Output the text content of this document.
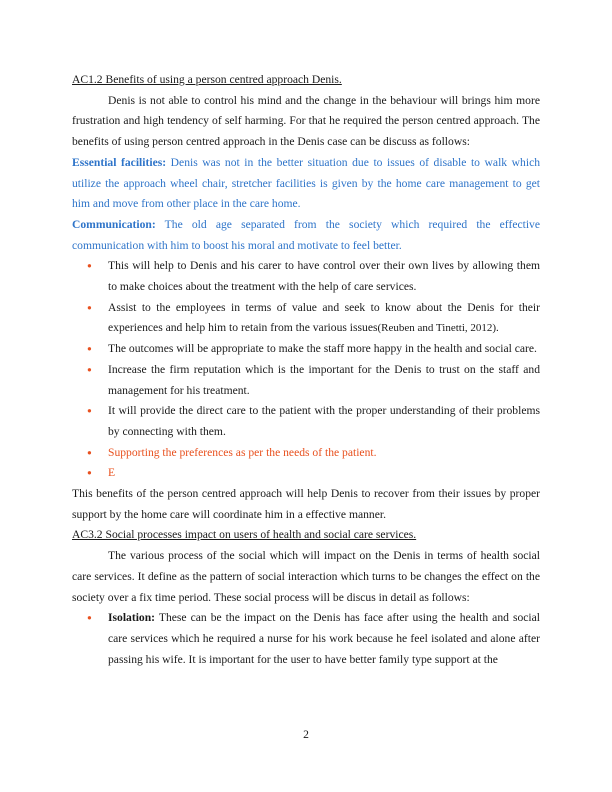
AC1.2 Benefits of using a person centred approach Denis.

Denis is not able to control his mind and the change in the behaviour will brings him more frustration and high tendency of self harming. For that he required the person centred approach. The benefits of using person centred approach in the Denis case can be discuss as follows:

Essential facilities: Denis was not in the better situation due to issues of disable to walk which utilize the approach wheel chair, stretcher facilities is given by the home care management to get him and move from other place in the care home.

Communication: The old age separated from the society which required the effective communication with him to boost his moral and motivate to feel better.

• This will help to Denis and his carer to have control over their own lives by allowing them to make choices about the treatment with the help of care services.
• Assist to the employees in terms of value and seek to know about the Denis for their experiences and help him to retain from the various issues(Reuben and Tinetti, 2012).
• The outcomes will be appropriate to make the staff more happy in the health and social care.
• Increase the firm reputation which is the important for the Denis to trust on the staff and management for his treatment.
• It will provide the direct care to the patient with the proper understanding of their problems by connecting with them.
• Supporting the preferences as per the needs of the patient.
• E

This benefits of the person centred approach will help Denis to recover from their issues by proper support by the home care will coordinate him in a effective manner.

AC3.2 Social processes impact on users of health and social care services.

The various process of the social which will impact on the Denis in terms of health social care services. It define as the pattern of social interaction which turns to be changes the effect on the society over a fix time period. These social process will be discus in detail as follows:

• Isolation: These can be the impact on the Denis has face after using the health and social care services which he required a nurse for his work because he feel isolated and alone after passing his wife. It is important for the user to have better family type support at the
2
